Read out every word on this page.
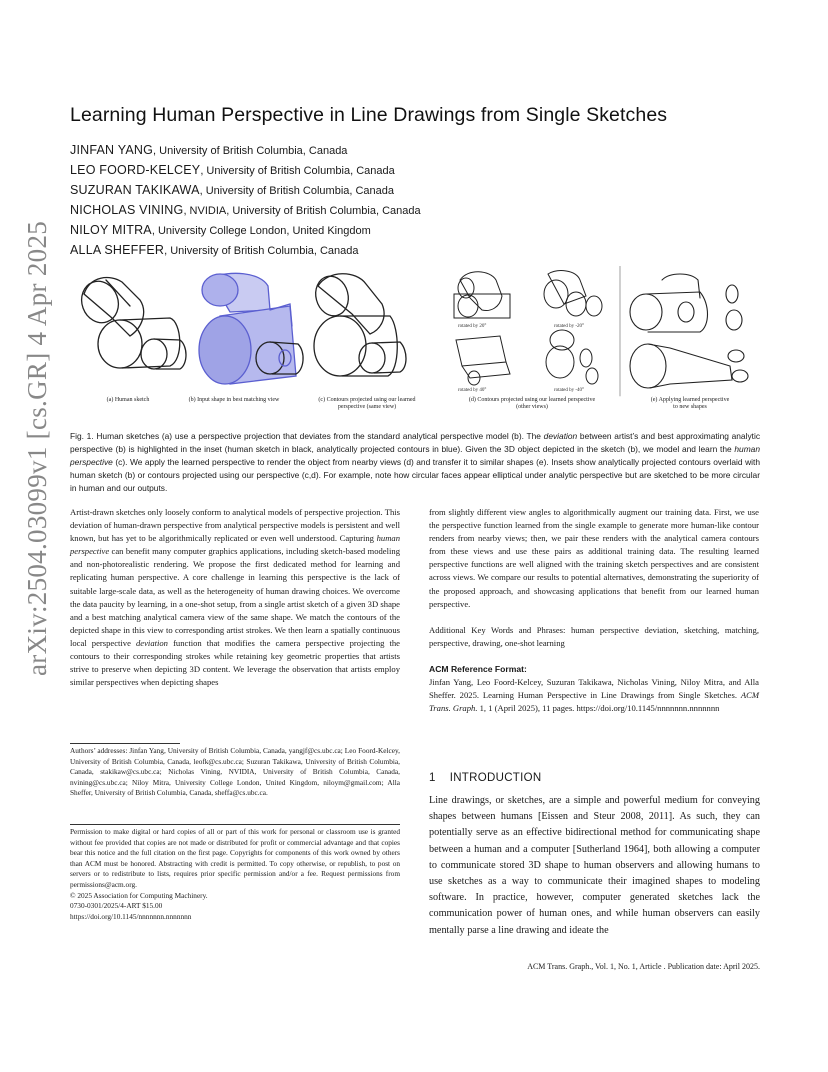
arXiv:2504.03099v1 [cs.GR] 4 Apr 2025
Learning Human Perspective in Line Drawings from Single Sketches
JINFAN YANG, University of British Columbia, Canada
LEO FOORD-KELCEY, University of British Columbia, Canada
SUZURAN TAKIKAWA, University of British Columbia, Canada
NICHOLAS VINING, NVIDIA, University of British Columbia, Canada
NILOY MITRA, University College London, United Kingdom
ALLA SHEFFER, University of British Columbia, Canada
rotated by 20°	rotated by -20°
rotated by 40°	rotated by -40°
(a) Human sketch	(b) Input shape in best matching view	(c) Contours projected using our learned
perspective (same view)
(d) Contours projected using our learned perspective
(other views)
(e) Applying learned perspective
to new shapes
Fig. 1. Human sketches (a) use a perspective projection that deviates from the standard analytical perspective model (b). The deviation between artist’s and best approximating analytic perspective (b) is highlighted in the inset (human sketch in black, analytically projected contours in blue). Given the 3D object depicted in the sketch (b), we model and learn the human perspective (c). We apply the learned perspective to render the object from nearby views (d) and transfer it to similar shapes (e). Insets show analytically projected contours overlaid with human sketch (b) or contours projected using our perspective (c,d). For example, note how circular faces appear elliptical under analytic perspective but are sketched to be more circular in human and our outputs.

Artist-drawn sketches only loosely conform to analytical models of perspective projection. This deviation of human-drawn perspective from analytical perspective models is persistent and well known, but has yet to be algorithmically replicated or even well understood. Capturing human perspective can benefit many computer graphics applications, including sketch-based modeling and non-photorealistic rendering. We propose the first dedicated method for learning and replicating human perspective. A core challenge in learning this perspective is the lack of suitable large-scale data, as well as the heterogeneity of human drawing choices. We overcome the data paucity by learning, in a one-shot setup, from a single artist sketch of a given 3D shape and a best matching analytical camera view of the same shape. We match the contours of the depicted shape in this view to corresponding artist strokes. We then learn a spatially continuous local perspective deviation function that modifies the camera perspective projecting the contours to their corresponding strokes while retaining key geometric properties that artists strive to preserve when depicting 3D content. We leverage the observation that artists employ similar perspectives when depicting shapes

Authors’ addresses: Jinfan Yang, University of British Columbia, Canada, yangjf@cs.ubc.ca; Leo Foord-Kelcey, University of British Columbia, Canada, leofk@cs.ubc.ca; Suzuran Takikawa, University of British Columbia, Canada, stakikaw@cs.ubc.ca; Nicholas Vining, NVIDIA, University of British Columbia, Canada, nvining@cs.ubc.ca; Niloy Mitra, University College London, United Kingdom, niloym@gmail.com; Alla Sheffer, University of British Columbia, Canada, sheffa@cs.ubc.ca.
Permission to make digital or hard copies of all or part of this work for personal or classroom use is granted without fee provided that copies are not made or distributed for profit or commercial advantage and that copies bear this notice and the full citation on the first page. Copyrights for components of this work owned by others than ACM must be honored. Abstracting with credit is permitted. To copy otherwise, or republish, to post on servers or to redistribute to lists, requires prior specific permission and/or a fee. Request permissions from permissions@acm.org.
© 2025 Association for Computing Machinery.
0730-0301/2025/4-ART $15.00
https://doi.org/10.1145/nnnnnnn.nnnnnnn

from slightly different view angles to algorithmically augment our training data. First, we use the perspective function learned from the single example to generate more human-like contour renders from nearby views; then, we pair these renders with the analytical camera contours from these views and use these pairs as additional training data. The resulting learned perspective functions are well aligned with the training sketch perspectives and are consistent across views. We compare our results to potential alternatives, demonstrating the superiority of the proposed approach, and showcasing applications that benefit from our learned human perspective.

Additional Key Words and Phrases: human perspective deviation, sketching, matching, perspective, drawing, one-shot learning

ACM Reference Format:

Jinfan Yang, Leo Foord-Kelcey, Suzuran Takikawa, Nicholas Vining, Niloy Mitra, and Alla Sheffer. 2025. Learning Human Perspective in Line Drawings from Single Sketches. ACM Trans. Graph. 1, 1 (April 2025), 11 pages. https://doi.org/10.1145/nnnnnnn.nnnnnnn

1 INTRODUCTION
Line drawings, or sketches, are a simple and powerful medium for conveying shapes between humans [Eissen and Steur 2008, 2011]. As such, they can potentially serve as an effective bidirectional method for communicating shape between a human and a computer [Sutherland 1964], both allowing a computer to communicate stored 3D shape to human observers and allowing humans to use sketches as a way to communicate their imagined shapes to modeling software. In practice, however, computer generated sketches lack the communication power of human ones, and while human observers can easily mentally parse a line drawing and ideate the
ACM Trans. Graph., Vol. 1, No. 1, Article . Publication date: April 2025.
